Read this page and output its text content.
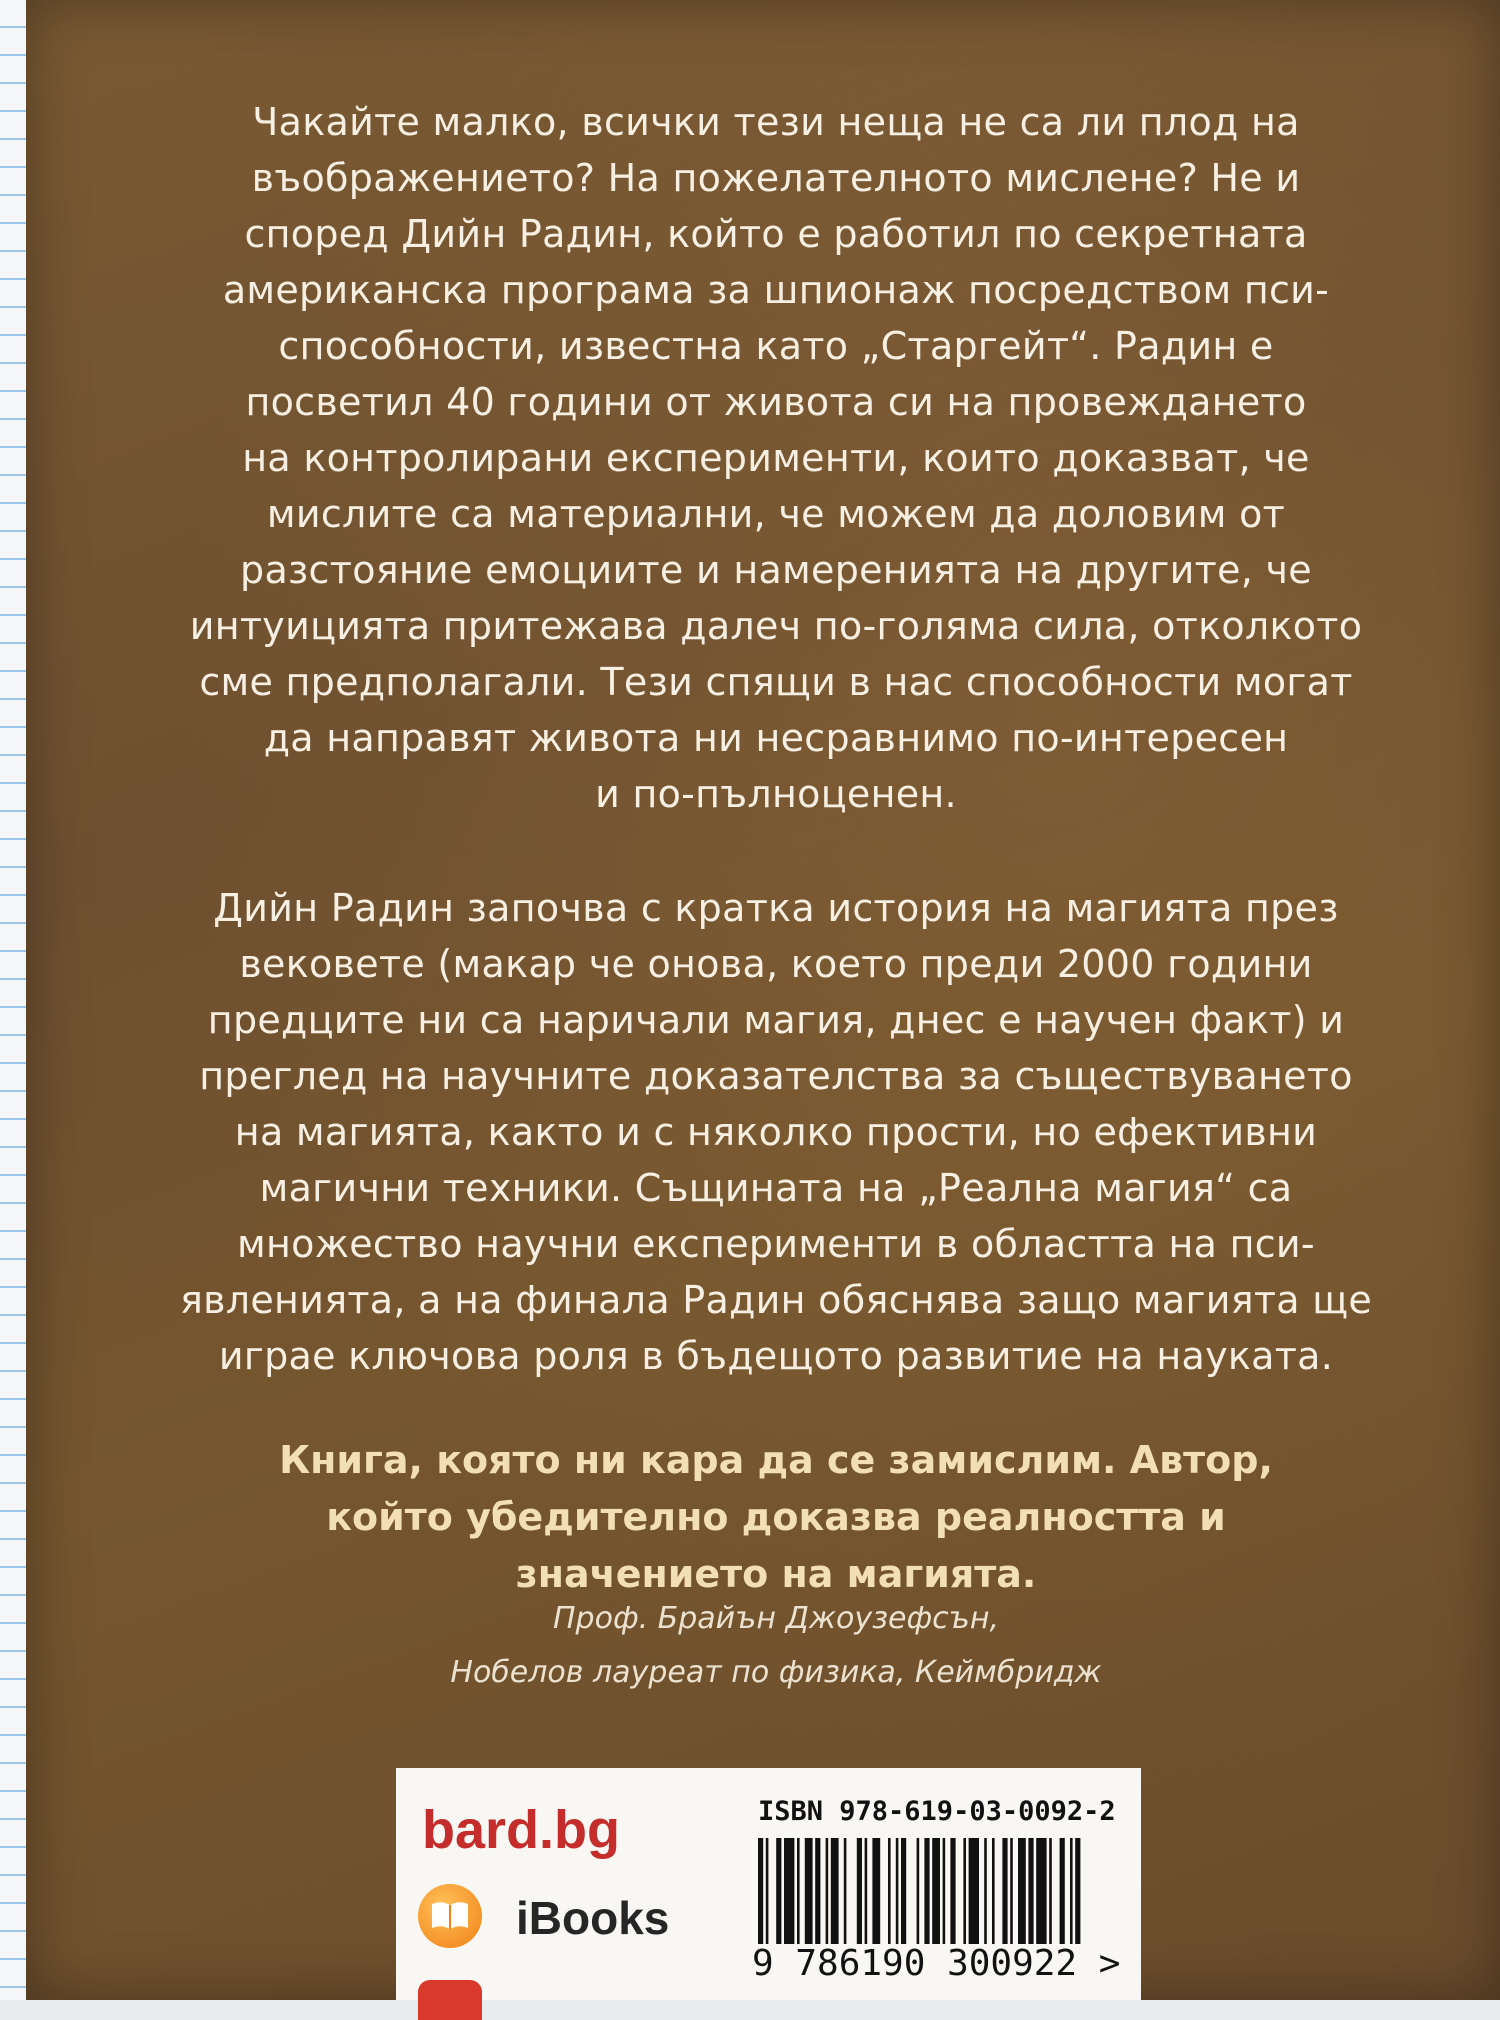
Чакайте малко, всички тези неща не са ли плод на
въображението? На пожелателното мислене? Не и
според Дийн Радин, който е работил по секретната
американска програма за шпионаж посредством пси-
способности, известна като „Старгейт“. Радин е
посветил 40 години от живота си на провеждането
на контролирани експерименти, които доказват, че
мислите са материални, че можем да доловим от
разстояние емоциите и намеренията на другите, че
интуицията притежава далеч по-голяма сила, отколкото
сме предполагали. Тези спящи в нас способности могат
да направят живота ни несравнимо по-интересен
и по-пълноценен.
Дийн Радин започва с кратка история на магията през
вековете (макар че онова, което преди 2000 години
предците ни са наричали магия, днес е научен факт) и
преглед на научните доказателства за съществуването
на магията, както и с няколко прости, но ефективни
магични техники. Същината на „Реална магия“ са
множество научни експерименти в областта на пси-
явленията, а на финала Радин обяснява защо магията ще
играе ключова роля в бъдещото развитие на науката.
Книга, която ни кара да се замислим. Автор,
който убедително доказва реалността и
значението на магията.
Проф. Брайън Джоузефсън,
Нобелов лауреат по физика, Кеймбридж
bard.bg
iBooks
ISBN 978-619-03-0092-2
9 786190 300922 >
